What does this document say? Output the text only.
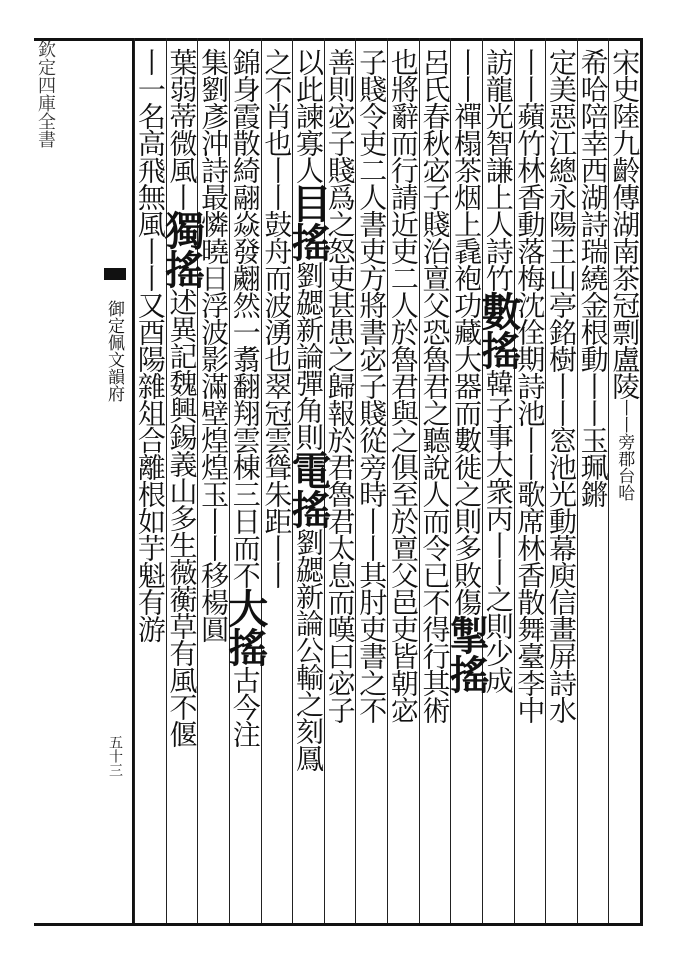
欽定四庫全書
御定佩文韻府
五十三
宋史陸九齡傳湖南茶冠剽盧陵丨丨旁郡台哈
希哈陪幸西湖詩瑞繞金根動丨丨玉珮鏘
定美惡江總永陽王山亭銘樹丨丨窓池光動幕庾信畫屏詩水
丨丨蘋竹林香動落梅沈佺期詩池丨丨歌席林香散舞臺李中
訪龍光智謙上人詩竹數搖韓子事大衆丙丨丨之則少成
丨丨禪榻茶烟上毳袍功藏大器而數徙之則多敗傷掣搖
呂氏春秋宓子賤治亶父恐魯君之聽說人而令已不得行其術
也將辭而行請近吏二人於魯君與之俱至於亶父邑吏皆朝宓
子賤令吏二人書吏方將書宓子賤從旁時丨丨其肘吏書之不
善則宓子賤爲之怒吏甚患之歸報於君魯君太息而嘆曰宓子
以此諫寡人目搖劉勰新論彈角則電搖劉勰新論公輸之刻鳳
之不肖也丨丨鼓舟而波湧也翠冠雲聳朱距丨丨
錦身霞散綺翮焱發翽然一翥翻翔雲棟三日而不大搖古今注
集劉彥沖詩最憐曉日浮波影滿壁煌煌玉丨丨移楊圓
葉弱蒂微風丨獨搖述異記魏興錫義山多生薇蘅草有風不偃
丨一名高飛無風丨丨又酉陽雜俎合離根如芋魁有游
